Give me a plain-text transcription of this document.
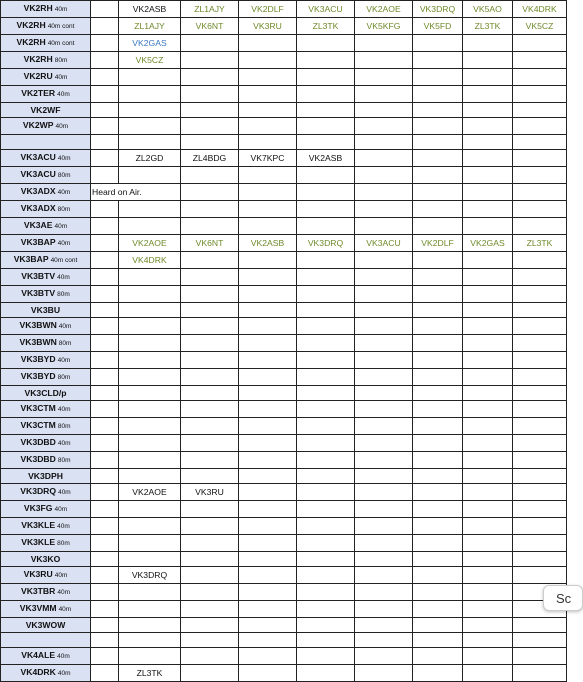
VK2RH 40m		VK2ASB	ZL1AJY	VK2DLF	VK3ACU	VK2AOE	VK3DRQ	VK5AO	VK4DRK
VK2RH 40m cont		ZL1AJY	VK6NT	VK3RU	ZL3TK	VK5KFG	VK5FD	ZL3TK	VK5CZ
VK2RH 40m cont		VK2GAS							
VK2RH 80m		VK5CZ							
VK2RU 40m									
VK2TER 40m									
VK2WF									
VK2WP 40m									

VK3ACU 40m		ZL2GD	ZL4BDG	VK7KPC	VK2ASB				
VK3ACU 80m									
VK3ADX 40m	Heard on Air.								
VK3ADX 80m									
VK3AE 40m									
VK3BAP 40m		VK2AOE	VK6NT	VK2ASB	VK3DRQ	VK3ACU	VK2DLF	VK2GAS	ZL3TK
VK3BAP 40m cont		VK4DRK							
VK3BTV 40m									
VK3BTV 80m									
VK3BU									
VK3BWN 40m									
VK3BWN 80m									
VK3BYD 40m									
VK3BYD 80m									
VK3CLD/p									
VK3CTM 40m									
VK3CTM 80m									
VK3DBD 40m									
VK3DBD 80m									
VK3DPH									
VK3DRQ 40m		VK2AOE	VK3RU						
VK3FG 40m									
VK3KLE 40m									
VK3KLE 80m									
VK3KO									
VK3RU 40m		VK3DRQ							
VK3TBR 40m									
VK3VMM 40m									
VK3WOW									

VK4ALE 40m									
VK4DRK 40m		ZL3TK							
Sc
